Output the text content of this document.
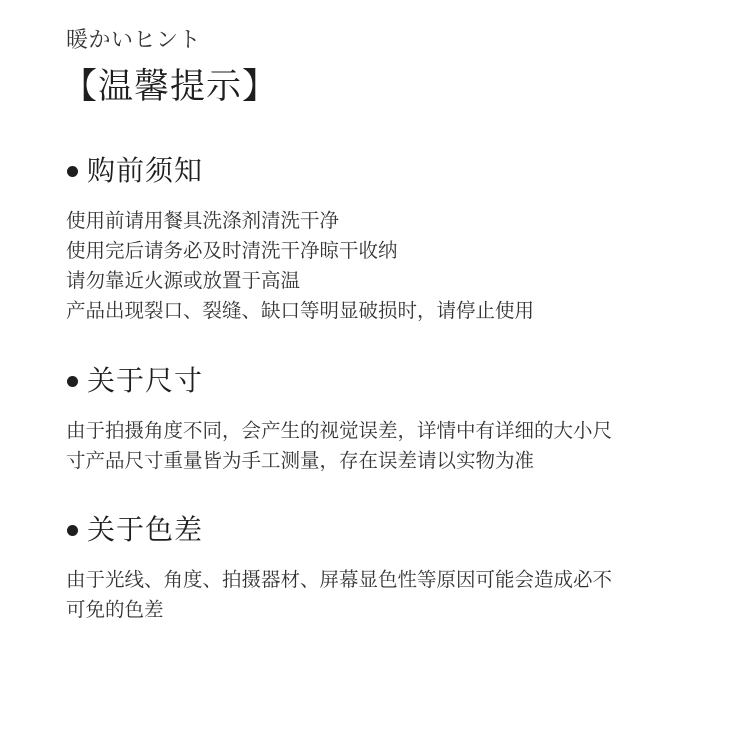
暖かいヒント
【温馨提示】
购前须知
使用前请用餐具洗涤剂清洗干净
使用完后请务必及时清洗干净晾干收纳
请勿靠近火源或放置于高温
产品出现裂口、裂缝、缺口等明显破损时，请停止使用
关于尺寸
由于拍摄角度不同，会产生的视觉误差，详情中有详细的大小尺
寸产品尺寸重量皆为手工测量，存在误差请以实物为准
关于色差
由于光线、角度、拍摄器材、屏幕显色性等原因可能会造成必不
可免的色差
